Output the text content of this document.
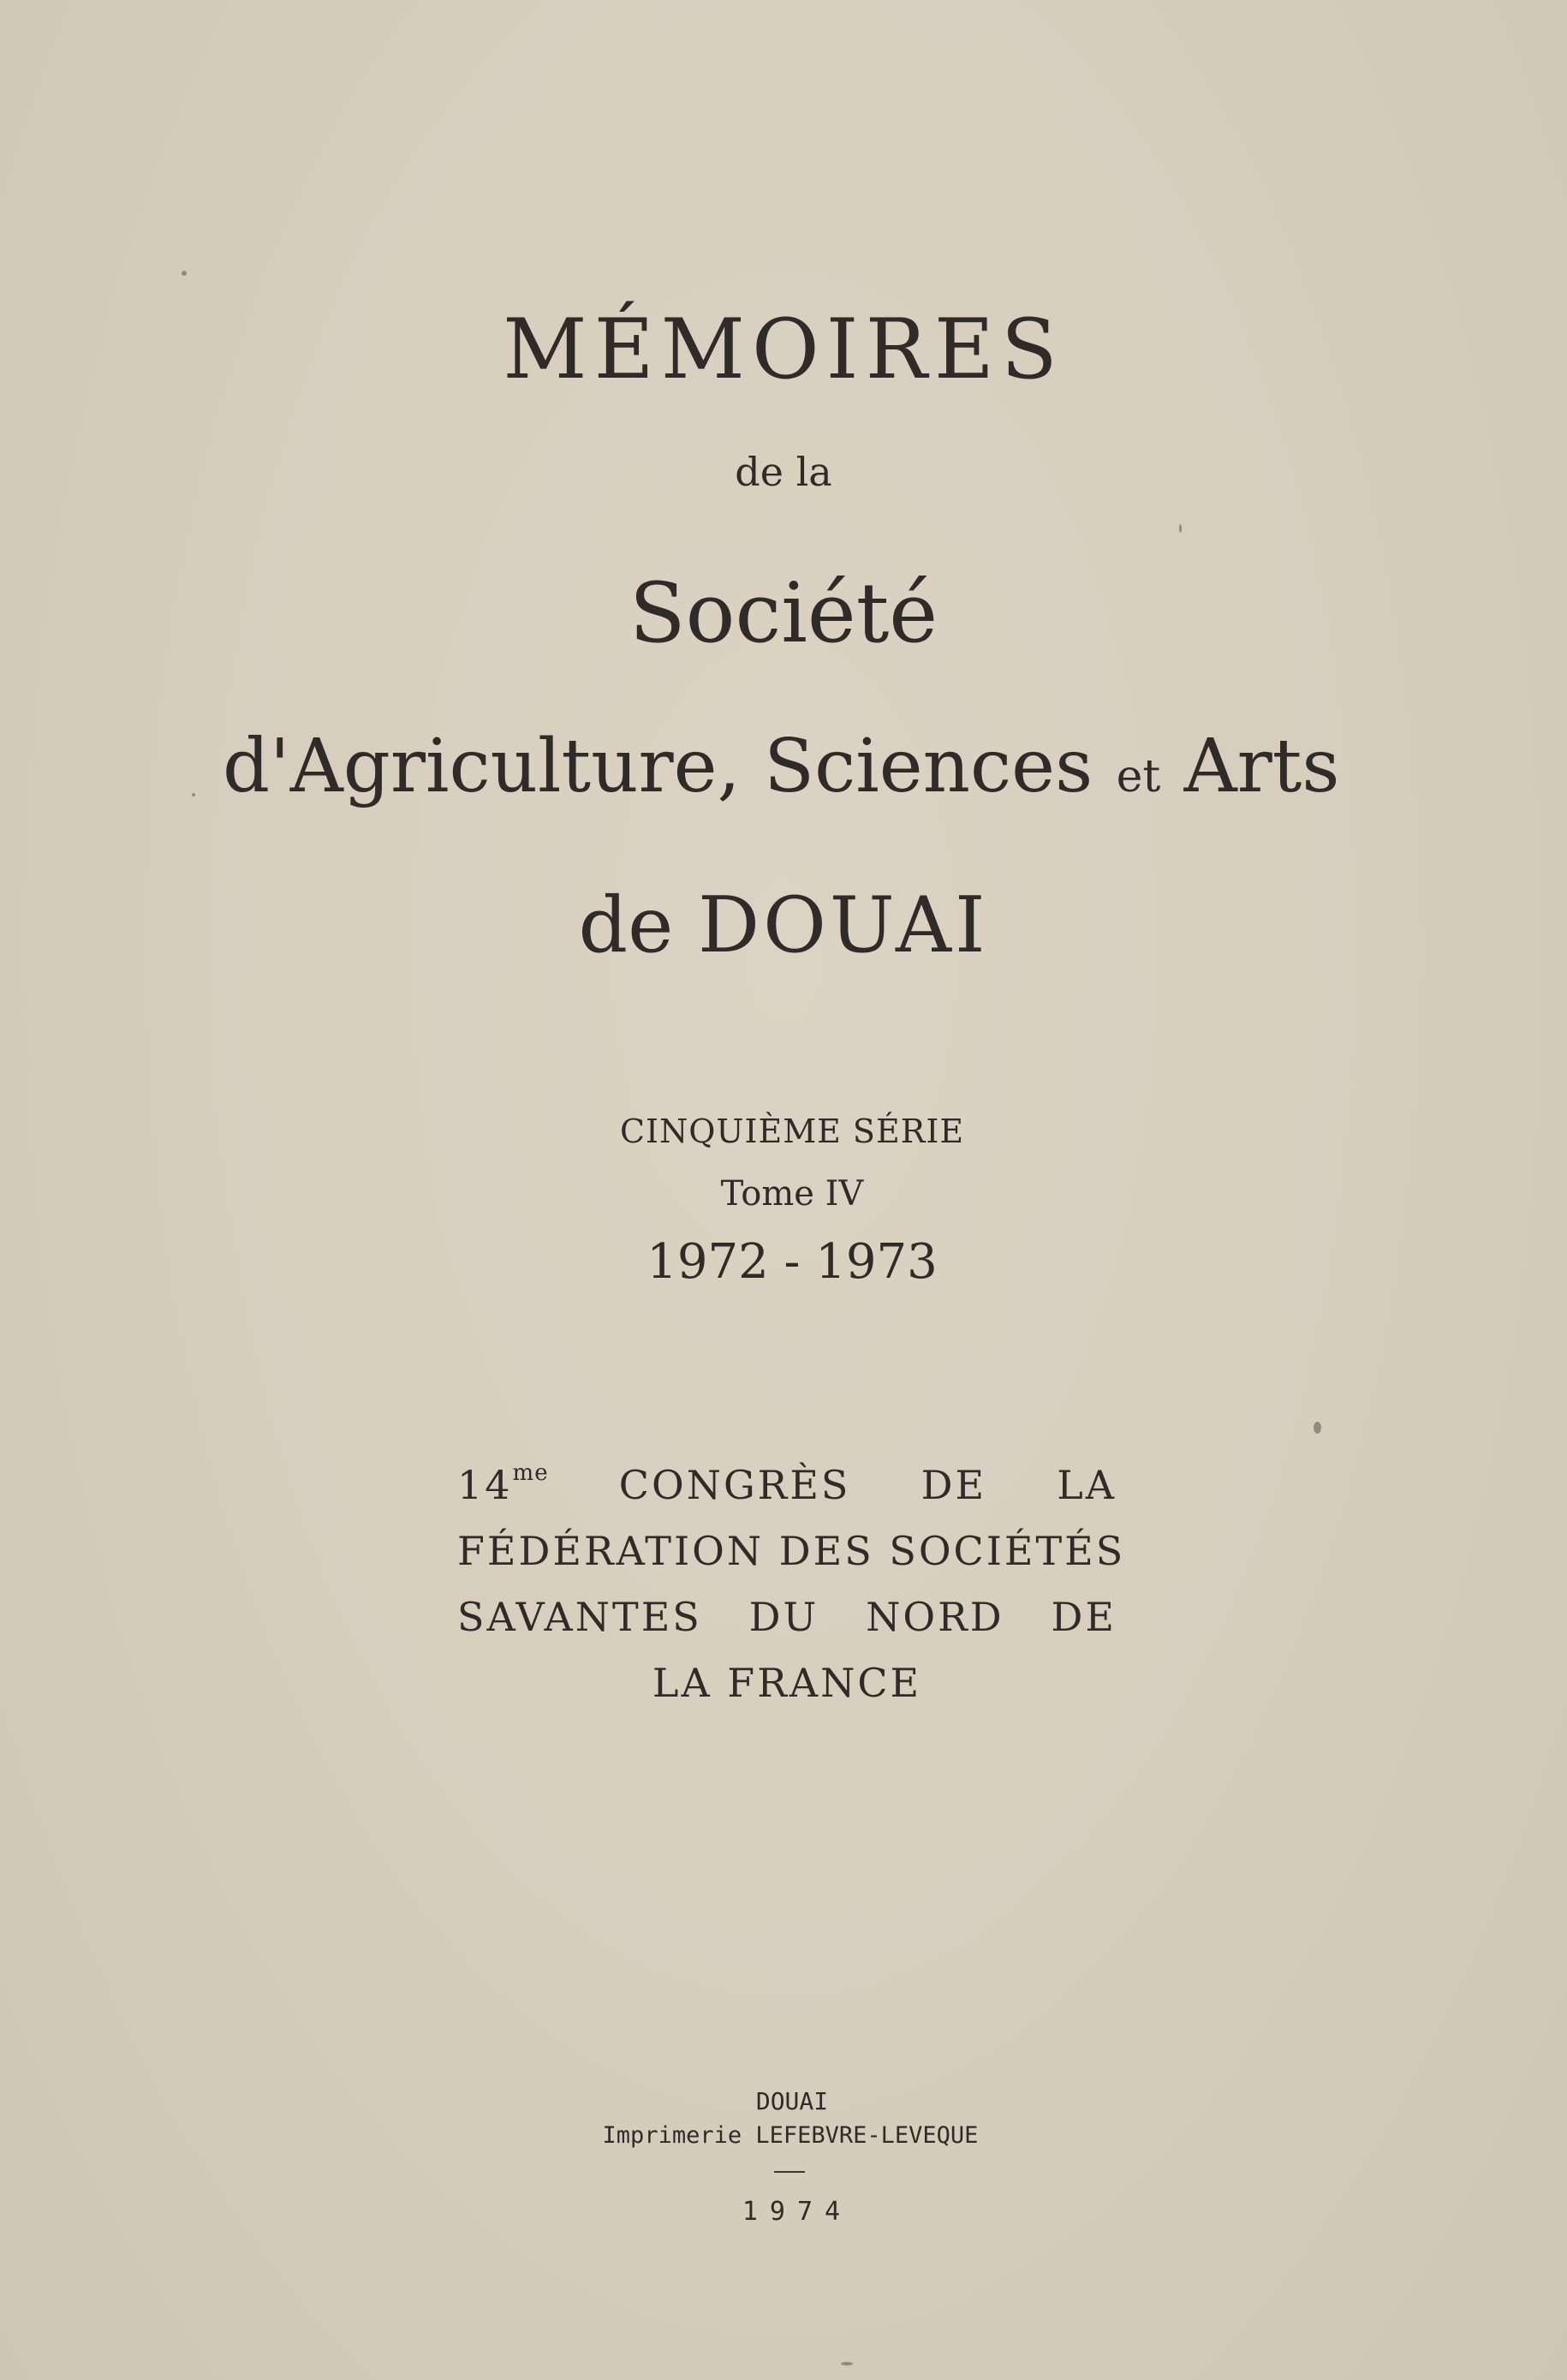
MÉMOIRES
de la
Société
d'Agriculture, Sciences et Arts
de DOUAI
CINQUIÈME SÉRIE
Tome IV
1972 - 1973
$14^{me}$ CONGRÈS DE LA
FÉDÉRATION DES SOCIÉTÉS
SAVANTES DU NORD DE
LA FRANCE
DOUAI
Imprimerie LEFEBVRE-LEVEQUE
1974
